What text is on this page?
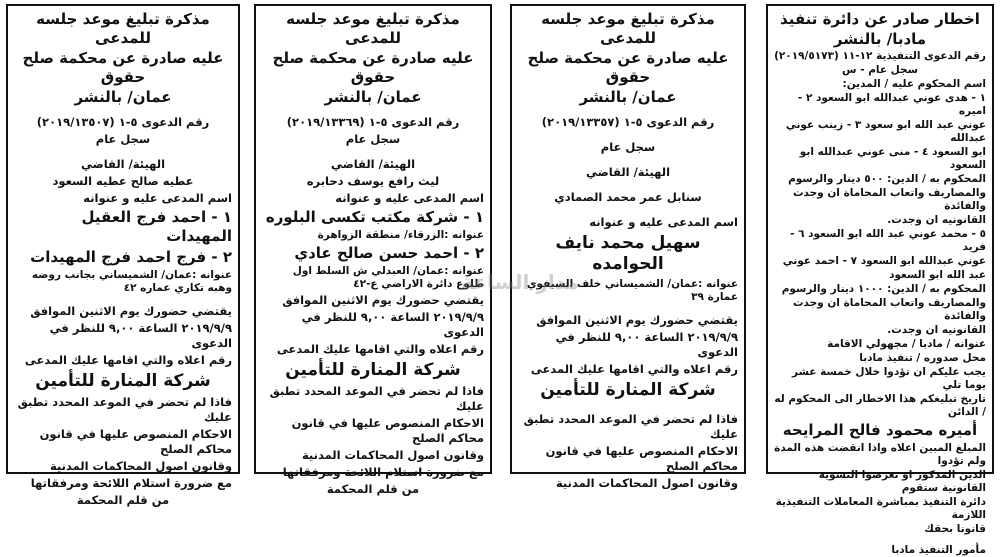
مذكرة تبليغ موعد جلسه للمدعى

عليه صادرة عن محكمة صلح حقوق

عمان/ بالنشر

رقم الدعوى ٥-١ (٢٠١٩/١٣٥٠٧)

سجل عام

الهيئة/ القاضي

عطيه صالح عطيه السعود

اسم المدعى عليه و عنوانه

١ - احمد فرج العقيل المهيدات

٢ - فرج احمد فرج المهيدات

عنوانه :عمان/ الشميساني بجانب روضه وهبه تكاري عماره ٤٢

يقتضي حضورك يوم الاثنين الموافق

٢٠١٩/٩/٩ الساعة ٩,٠٠ للنظر في الدعوى

رقم اعلاه والتي اقامها عليك المدعى

شركة المنارة للتأمين

فاذا لم تحضر في الموعد المحدد تطبق عليك

الاحكام المنصوص عليها في قانون محاكم الصلح

وقانون اصول المحاكمات المدنية

مع ضرورة استلام اللائحة ومرفقاتها

من قلم المحكمة

مذكرة تبليغ موعد جلسه للمدعى

عليه صادرة عن محكمة صلح حقوق

عمان/ بالنشر

رقم الدعوى ٥-١ (٢٠١٩/١٣٣٦٩)

سجل عام

الهيئة/ القاضي

ليث رافع يوسف دحابره

اسم المدعى عليه و عنوانه

١ - شركة مكتب تكسى البلوره

عنوانه :الزرقاء/ منطقة الزواهرة

٢ - احمد حسن صالح عادي

عنوانه :عمان/ العبدلي ش السلط اول طلوع دائرة الاراضي ع-٤٢

يقتضي حضورك يوم الاثنين الموافق

٢٠١٩/٩/٩ الساعة ٩,٠٠ للنظر في الدعوى

رقم اعلاه والتي اقامها عليك المدعى

شركة المنارة للتأمين

فاذا لم تحضر في الموعد المحدد تطبق عليك

الاحكام المنصوص عليها في قانون محاكم الصلح

وقانون اصول المحاكمات المدنية

مع ضرورة استلام اللائحة ومرفقاتها

من قلم المحكمة

مذكرة تبليغ موعد جلسه للمدعى

عليه صادرة عن محكمة صلح حقوق

عمان/ بالنشر

رقم الدعوى ٥-١ (٢٠١٩/١٣٣٥٧)

سجل عام

الهيئة/ القاضي

سنابل عمر محمد الصمادي

اسم المدعى عليه و عنوانه

سهيل محمد نايف الحوامده

عنوانه :عمان/ الشميساني خلف السيفوي عمارة ٣٩

يقتضي حضورك يوم الاثنين الموافق

٢٠١٩/٩/٩ الساعة ٩,٠٠ للنظر في الدعوى

رقم اعلاه والتي اقامها عليك المدعى

شركة المنارة للتأمين

فاذا لم تحضر في الموعد المحدد تطبق عليك

الاحكام المنصوص عليها في قانون محاكم الصلح

وقانون اصول المحاكمات المدنية

اخطار صادر عن دائرة تنفيذ

مادبا/ بالنشر

رقم الدعوى التنفيذية ١٢-١١ (٢٠١٩/٥١٧٣)

سجل عام - س

اسم المحكوم عليه / المدين:

١ - هدى عوني عبدالله ابو السعود ٢ - اميره

عوني عبد الله ابو سعود ٣ - زينب عوني عبدالله

ابو السعود ٤ - منى عوني عبدالله ابو السعود

المحكوم به / الدين: ٥٠٠ دينار والرسوم

والمصاريف واتعاب المحاماة ان وجدت والفائدة

القانونيه ان وجدت.

٥ - محمد عوني عبد الله ابو السعود ٦ - فريد

عوني عبدالله ابو السعود ٧ - احمد عوني

عبد الله ابو السعود

المحكوم به / الدين: ١٠٠٠ دينار والرسوم

والمصاريف واتعاب المحاماة ان وجدت والفائدة

القانونيه ان وجدت.

عنوانه / مادبا / مجهولي الاقامة

محل صدوره / تنفيذ مادبا

يجب عليكم ان تؤدوا خلال خمسة عشر يوما تلي

تاريخ تبليغكم هذا الاخطار الى المحكوم له / الدائن

أميره محمود فالح المرايحه

المبلغ المبين اعلاه واذا انقضت هذه المدة ولم تؤدوا

الدين المذكور او تعرضوا التسوية القانونية ستقوم

دائرة التنفيذ بمباشرة المعاملات التنفيذية اللازمة

قانونا بحقك

مأمور التنفيذ مادبا

مدار الساعة
